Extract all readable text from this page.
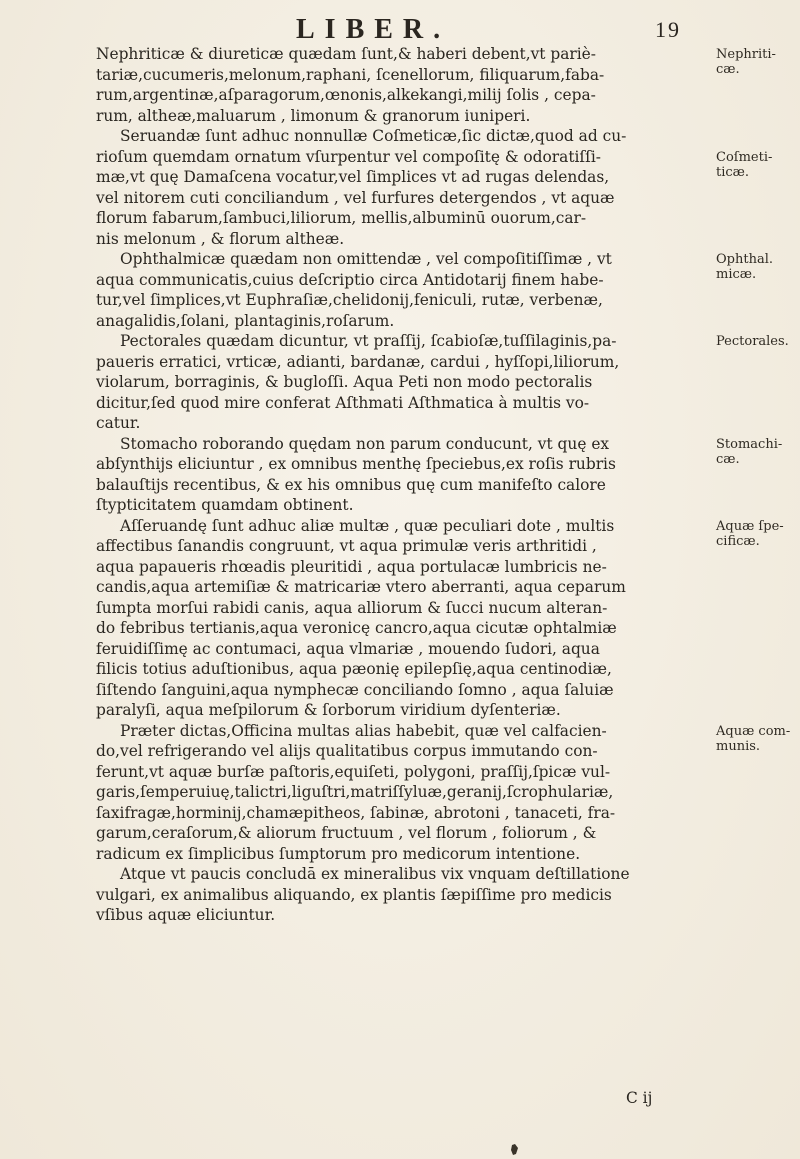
LIBER.	19
Nephriticæ & diureticæ quædam ſunt,& haberi debent,vt pariè-
tariæ,cucumeris,melonum,raphani, ſcenellorum, filiquarum,faba-
rum,argentinæ,aſparagorum,œnonis,alkekangi,milij ſolis , cepa-
rum, altheæ,maluarum , limonum & granorum iuniperi.
Seruandæ ſunt adhuc nonnullæ Coſmeticæ,ſic dictæ,quod ad cu-
rioſum quemdam ornatum vſurpentur vel compoſitę & odoratiſſi-
mæ,vt quę Damaſcena vocatur,vel ſimplices vt ad rugas delendas,
vel nitorem cuti conciliandum , vel furfures detergendos , vt aquæ
florum fabarum,ſambuci,liliorum, mellis,albuminū ouorum,car-
nis melonum , & florum altheæ.
Ophthalmicæ quædam non omittendæ , vel compoſitiſſimæ , vt
aqua communicatis,cuius deſcriptio circa Antidotarij finem habe-
tur,vel ſimplices,vt Euphraſiæ,chelidonij,feniculi, rutæ, verbenæ,
anagalidis,ſolani, plantaginis,roſarum.
Pectorales quædam dicuntur, vt praſſij, ſcabioſæ,tuſſilaginis,pa-
paueris erratici, vrticæ, adianti, bardanæ, cardui , hyſſopi,liliorum,
violarum, borraginis, & bugloſſi. Aqua Peti non modo pectoralis
dicitur,ſed quod mire conferat Aſthmati Aſthmatica à multis vo-
catur.
Stomacho roborando quędam non parum conducunt, vt quę ex
abſynthijs eliciuntur , ex omnibus menthę ſpeciebus,ex roſis rubris
balauſtijs recentibus, & ex his omnibus quę cum manifeſto calore
ſtypticitatem quamdam obtinent.
Aſſeruandę ſunt adhuc aliæ multæ , quæ peculiari dote , multis
affectibus ſanandis congruunt, vt aqua primulæ veris arthritidi ,
aqua papaueris rhœadis pleuritidi , aqua portulacæ lumbricis ne-
candis,aqua artemiſiæ & matricariæ vtero aberranti, aqua ceparum
ſumpta morſui rabidi canis, aqua alliorum & ſucci nucum alteran-
do febribus tertianis,aqua veronicę cancro,aqua cicutæ ophtalmiæ
feruidiſſimę ac contumaci, aqua vlmariæ , mouendo ſudori, aqua
filicis totius aduſtionibus, aqua pæonię epilepſię,aqua centinodiæ,
ſiſtendo ſanguini,aqua nymphecæ conciliando ſomno , aqua ſaluiæ
paralyſi, aqua meſpilorum & ſorborum viridium dyſenteriæ.
Præter dictas,Officina multas alias habebit, quæ vel calfacien-
do,vel refrigerando vel alijs qualitatibus corpus immutando con-
ferunt,vt aquæ burſæ paſtoris,equiſeti, polygoni, praſſij,ſpicæ vul-
garis,ſemperuiuę,talictri,liguſtri,matriſſyluæ,geranij,ſcrophulariæ,
ſaxifragæ,horminij,chamæpitheos, ſabinæ, abrotoni , tanaceti, fra-
garum,ceraſorum,& aliorum fructuum , vel florum , foliorum , &
radicum ex ſimplicibus ſumptorum pro medicorum intentione.
Atque vt paucis concludā ex mineralibus vix vnquam deſtillatione
vulgari, ex animalibus aliquando, ex plantis ſæpiſſime pro medicis
vſibus aquæ eliciuntur.
Nephriti-
cæ.
Coſmeti-
ticæ.
Ophthal.
micæ.
Pectorales.
Stomachi-
cæ.
Aquæ ſpe-
cificæ.
Aquæ com-
munis.
C ij
